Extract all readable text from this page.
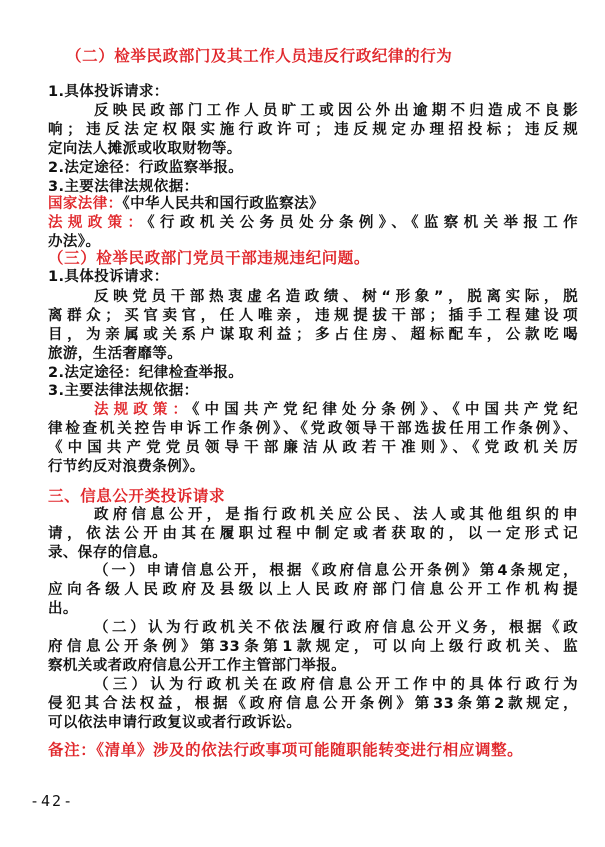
（二）检举民政部门及其工作人员违反行政纪律的行为
1.具体投诉请求：
反映民政部门工作人员旷工或因公外出逾期不归造成不良影
响；违反法定权限实施行政许可；违反规定办理招投标；违反规
定向法人摊派或收取财物等。
2.法定途径：行政监察举报。
3.主要法律法规依据：
国家法律：《中华人民共和国行政监察法》
法规政策：《行政机关公务员处分条例》、《监察机关举报工作
办法》。
（三）检举民政部门党员干部违规违纪问题。
1.具体投诉请求：
反映党员干部热衷虚名造政绩、树“形象”，脱离实际，脱
离群众；买官卖官，任人唯亲，违规提拔干部；插手工程建设项
目，为亲属或关系户谋取利益；多占住房、超标配车，公款吃喝
旅游，生活奢靡等。
2.法定途径：纪律检查举报。
3.主要法律法规依据：
法规政策：《中国共产党纪律处分条例》、《中国共产党纪
律检查机关控告申诉工作条例》、《党政领导干部选拔任用工作条例》、
《中国共产党党员领导干部廉洁从政若干准则》、《党政机关厉
行节约反对浪费条例》。
三、信息公开类投诉请求
政府信息公开，是指行政机关应公民、法人或其他组织的申
请，依法公开由其在履职过程中制定或者获取的，以一定形式记
录、保存的信息。
（一）申请信息公开，根据《政府信息公开条例》第4条规定，
应向各级人民政府及县级以上人民政府部门信息公开工作机构提
出。
（二）认为行政机关不依法履行政府信息公开义务，根据《政
府信息公开条例》第33条第1款规定，可以向上级行政机关、监
察机关或者政府信息公开工作主管部门举报。
（三）认为行政机关在政府信息公开工作中的具体行政行为
侵犯其合法权益，根据《政府信息公开条例》第33条第2款规定，
可以依法申请行政复议或者行政诉讼。
备注：《清单》涉及的依法行政事项可能随职能转变进行相应调整。
-42-
